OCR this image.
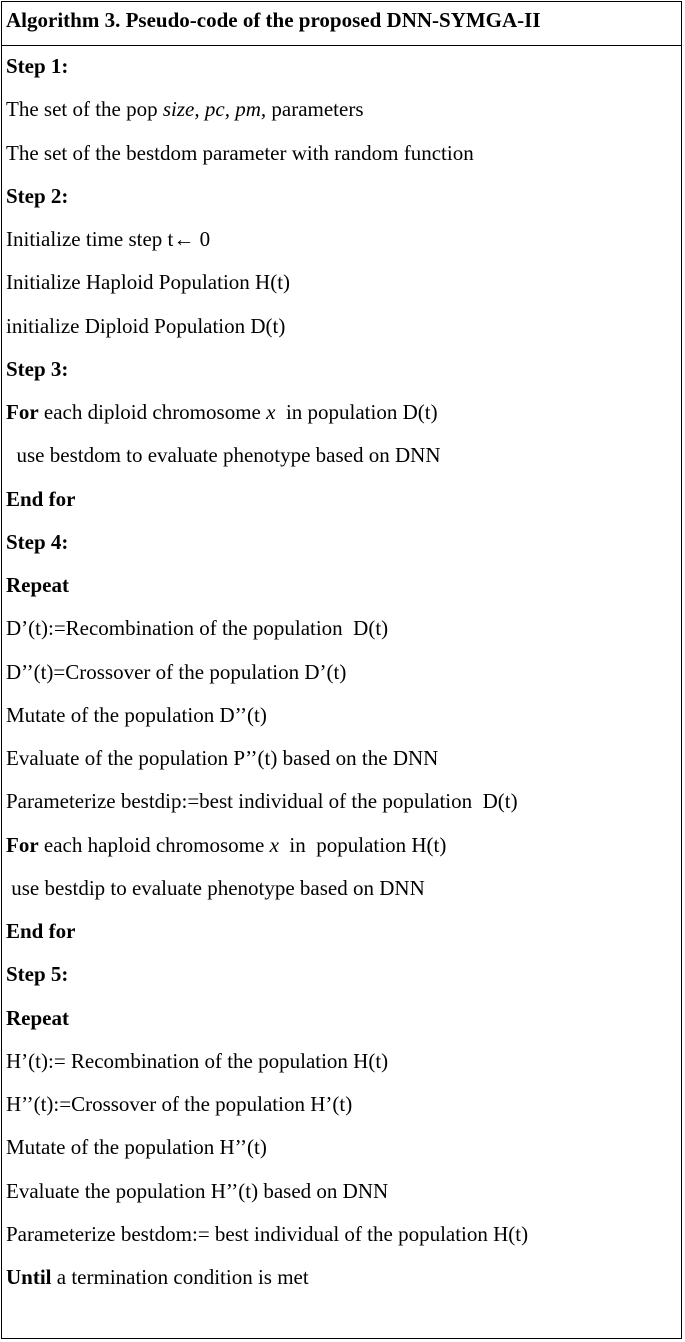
Algorithm 3. Pseudo-code of the proposed DNN-SYMGA-II
Step 1:
The set of the pop size, pc, pm, parameters
The set of the bestdom parameter with random function
Step 2:
Initialize time step t← 0
Initialize Haploid Population H(t)
initialize Diploid Population D(t)
Step 3:
For each diploid chromosome x  in population D(t)
use bestdom to evaluate phenotype based on DNN
End for
Step 4:
Repeat
D’(t):=Recombination of the population  D(t)
D’’(t)=Crossover of the population D’(t)
Mutate of the population D’’(t)
Evaluate of the population P’’(t) based on the DNN
Parameterize bestdip:=best individual of the population  D(t)
For each haploid chromosome x  in  population H(t)
use bestdip to evaluate phenotype based on DNN
End for
Step 5:
Repeat
H’(t):= Recombination of the population H(t)
H’’(t):=Crossover of the population H’(t)
Mutate of the population H’’(t)
Evaluate the population H’’(t) based on DNN
Parameterize bestdom:= best individual of the population H(t)
Until a termination condition is met
